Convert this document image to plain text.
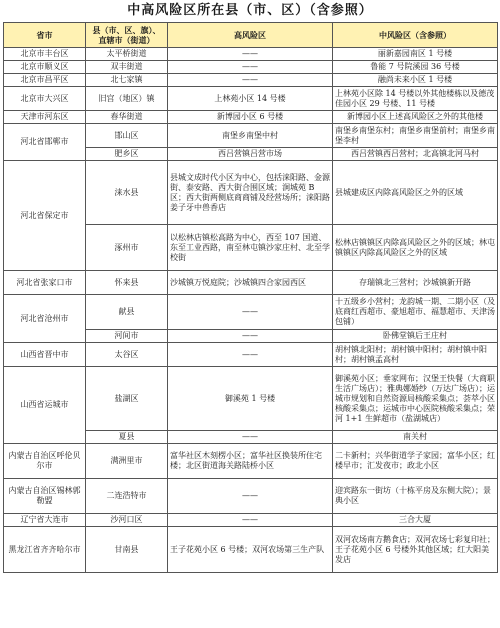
中高风险区所在县（市、区）（含参照）
省市	县（市、区、旗）、
直辖市（街道）	高风险区	中风险区（含参照）
北京市丰台区	太平桥街道	——	丽新嘉园南区 1 号楼
北京市顺义区	双丰街道	——	鲁能 7 号院溪园 36 号楼
北京市昌平区	北七家镇	——	融尚未来小区 1 号楼
北京市大兴区	旧宫（地区）镇	上林苑小区 14 号楼	上林苑小区除 14 号楼以外其他楼栋以及德茂佳园小区 29 号楼、11 号楼
天津市河东区	春华街道	新博园小区 6 号楼	新博园小区上述高风险区之外的其他楼
河北省邯郸市	邯山区	南堡乡南堡中村	南堡乡南堡东村；南堡乡南堡前村；南堡乡南堡李村
	肥乡区	西吕营镇吕营市场	西吕营镇西吕营村；北高镇北河马村
河北省保定市	涞水县	县城文成时代小区为中心，包括涞阳路、金源街、泰安路、西大街合围区域；涧城苑 B 区；西大街两侧底商商铺及经营场所；涞阳路姜子牙中兽香店	县城建成区内除高风险区之外的区域
	涿州市	以松林店镇松高路为中心，西至 107 国道、东至工业西路，南至林屯镇沙家庄村、北至学校街	松林店镇镇区内除高风险区之外的区域；林屯镇镇区内除高风险区之外的区域
河北省张家口市	怀来县	沙城镇万悦庭院；沙城镇四合家园西区	存瑞镇北三营村；沙城镇新开路
河北省沧州市	献县	——	十五级乡小营村；龙韵城一期、二期小区（及底商红西超市、豪旭超市、福慧超市、天津汤包铺）
	河间市	——	卧佛堂镇后王庄村
山西省晋中市	太谷区	——	胡村镇北阳村；胡村镇中阳村；胡村镇中阳村；胡村镇孟高村
山西省运城市	盐湖区	御溪苑 1 号楼	御溪苑小区；垂家网布；汉堡王快餐（大商职生活广场店）；雅典娜婚纱（万达广场店）；运城市规划和自然资源局核酸采集点；荟萃小区核酸采集点；运城市中心医院核酸采集点；荣河 1+1 生鲜超市（盐湖城店）
	夏县	——	南关村
内蒙古自治区呼伦贝尔市	满洲里市	富华社区木刻楞小区；富华社区换装所住宅楼；北区街道海关路陆桥小区	二卡新村；兴华街道学子家园；富华小区；红楼早市；汇发夜市；政北小区
内蒙古自治区锡林郭勒盟	二连浩特市	——	迎宾路东一街坊（十栋平房及东侧大院）；景典小区
辽宁省大连市	沙河口区	——	三合大厦
黑龙江省齐齐哈尔市	甘南县	王子花苑小区 6 号楼；双河农场第三生产队	双河农场南方鹅食店；双河农场七彩复印社；王子花苑小区 6 号楼外其他区域；红大阳美发店
